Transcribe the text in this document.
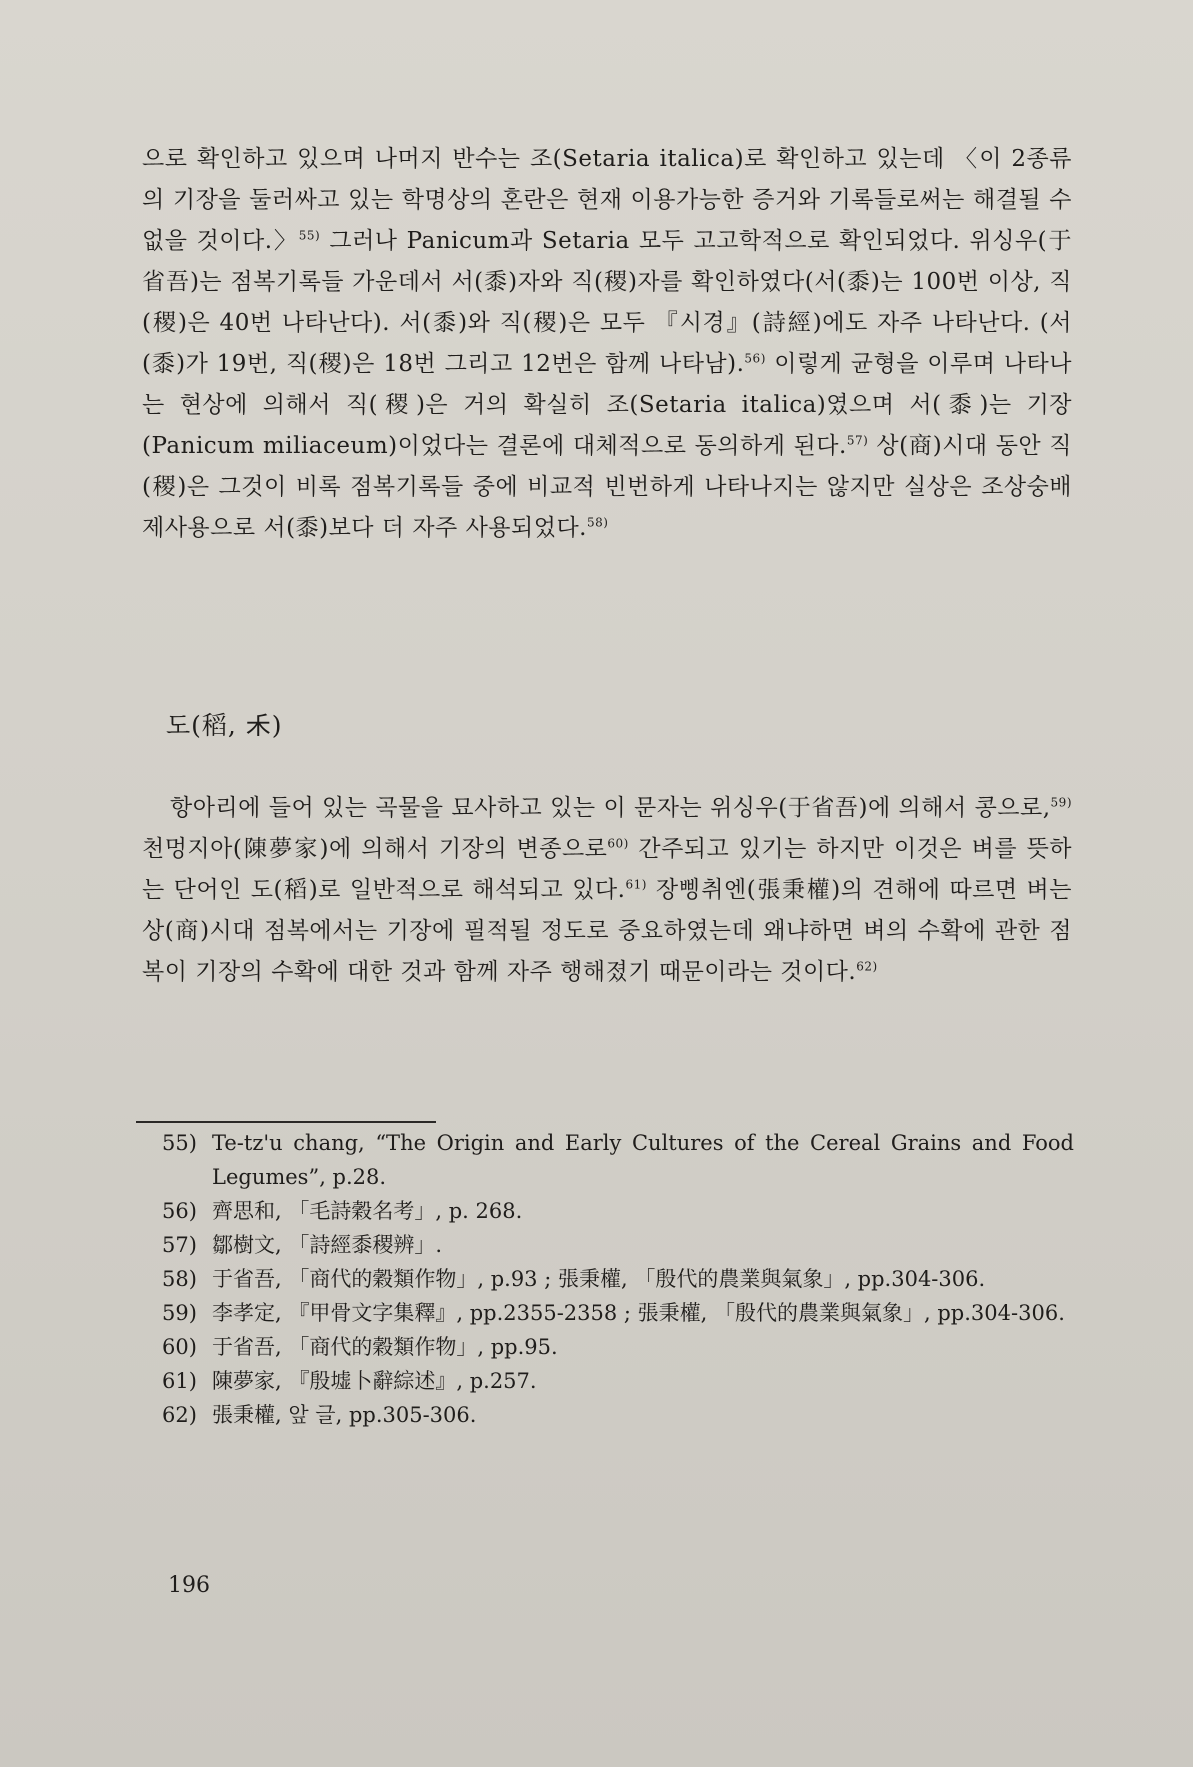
으로 확인하고 있으며 나머지 반수는 조(Setaria italica)로 확인하고 있는데 〈이 2종류의 기장을 둘러싸고 있는 학명상의 혼란은 현재 이용가능한 증거와 기록들로써는 해결될 수 없을 것이다.〉$^{55)}$ 그러나 Panicum과 Setaria 모두 고고학적으로 확인되었다. 위싱우(于省吾)는 점복기록들 가운데서 서(黍)자와 직(稷)자를 확인하였다(서(黍)는 100번 이상, 직(稷)은 40번 나타난다). 서(黍)와 직(稷)은 모두 『시경』(詩經)에도 자주 나타난다. (서(黍)가 19번, 직(稷)은 18번 그리고 12번은 함께 나타남).$^{56)}$ 이렇게 균형을 이루며 나타나는 현상에 의해서 직(稷)은 거의 확실히 조(Setaria italica)였으며 서(黍)는 기장(Panicum miliaceum)이었다는 결론에 대체적으로 동의하게 된다.$^{57)}$ 상(商)시대 동안 직(稷)은 그것이 비록 점복기록들 중에 비교적 빈번하게 나타나지는 않지만 실상은 조상숭배 제사용으로 서(黍)보다 더 자주 사용되었다.$^{58)}$

도(稻, 𥝌)

항아리에 들어 있는 곡물을 묘사하고 있는 이 문자는 위싱우(于省吾)에 의해서 콩으로,$^{59)}$ 천멍지아(陳夢家)에 의해서 기장의 변종으로$^{60)}$ 간주되고 있기는 하지만 이것은 벼를 뜻하는 단어인 도(稻)로 일반적으로 해석되고 있다.$^{61)}$ 장삥취엔(張秉權)의 견해에 따르면 벼는 상(商)시대 점복에서는 기장에 필적될 정도로 중요하였는데 왜냐하면 벼의 수확에 관한 점복이 기장의 수확에 대한 것과 함께 자주 행해졌기 때문이라는 것이다.$^{62)}$

55) Te-tz'u chang, “The Origin and Early Cultures of the Cereal Grains and Food Legumes”, p.28.
56) 齊思和, 「毛詩穀名考」, p. 268.
57) 鄒樹文, 「詩經黍稷辨」.
58) 于省吾, 「商代的穀類作物」, p.93 ; 張秉權, 「殷代的農業與氣象」, pp.304-306.
59) 李孝定, 『甲骨文字集釋』, pp.2355-2358 ; 張秉權, 「殷代的農業與氣象」, pp.304-306.
60) 于省吾, 「商代的穀類作物」, pp.95.
61) 陳夢家, 『殷墟卜辭綜述』, p.257.
62) 張秉權, 앞 글, pp.305-306.
196
